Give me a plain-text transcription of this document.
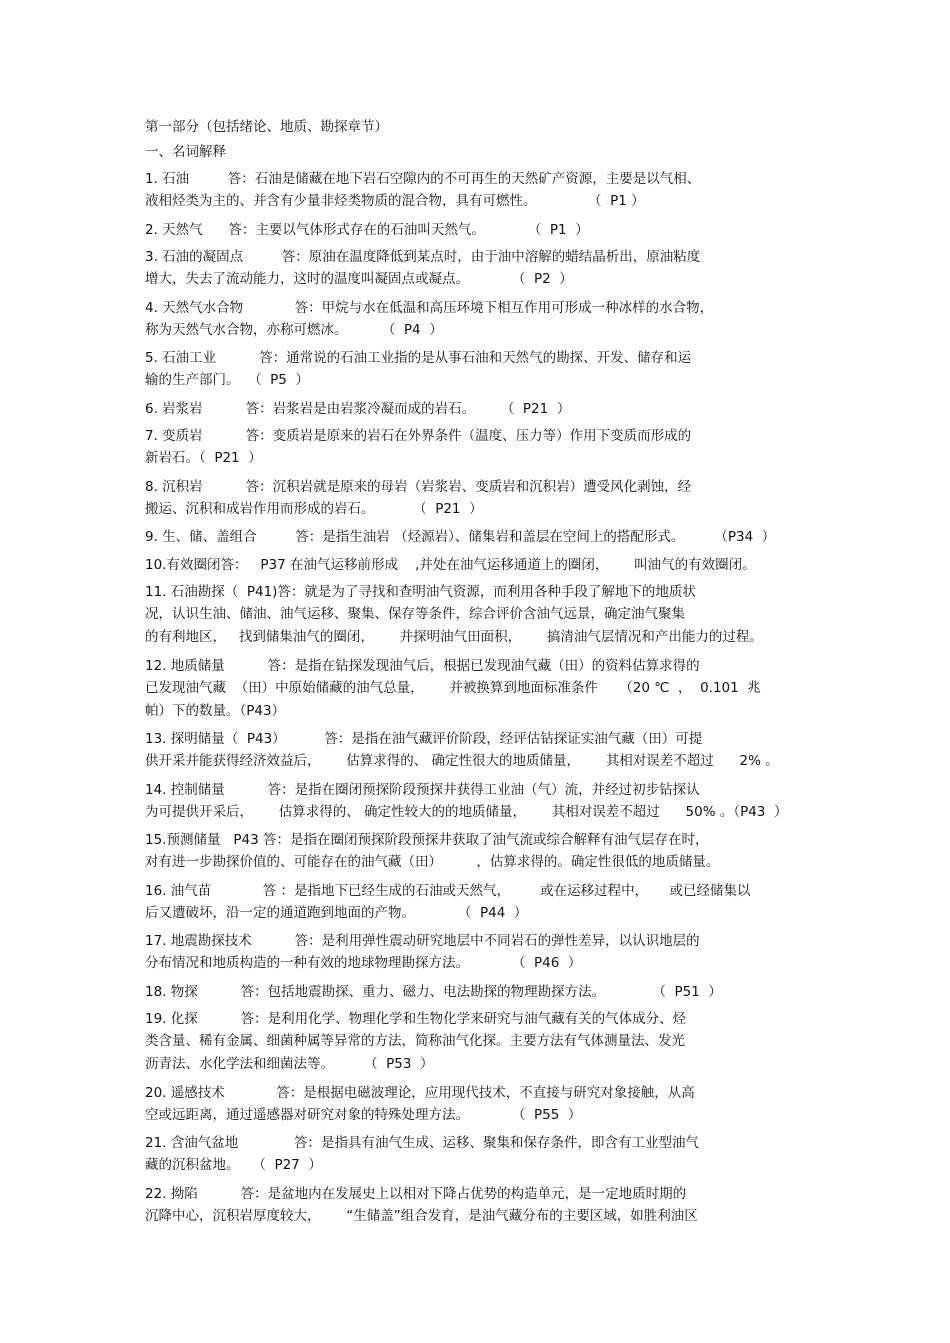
第一部分（包括绪论、地质、勘探章节）
一、名词解释
1. 石油         答：石油是储藏在地下岩石空隙内的不可再生的天然矿产资源，主要是以气相、
液相烃类为主的、并含有少量非烃类物质的混合物，具有可燃性。            （  P1 ）
2. 天然气      答：主要以气体形式存在的石油叫天然气。          （  P1  ）
3. 石油的凝固点         答：原油在温度降低到某点时，由于油中溶解的蜡结晶析出，原油粘度
增大，失去了流动能力，这时的温度叫凝固点或凝点。          （  P2  ）
4. 天然气水合物            答：甲烷与水在低温和高压环境下相互作用可形成一种冰样的水合物，
称为天然气水合物，亦称可燃冰。        （  P4  ）
5. 石油工业          答：通常说的石油工业指的是从事石油和天然气的勘探、开发、储存和运
输的生产部门。  （  P5  ）
6. 岩浆岩          答：岩浆岩是由岩浆冷凝而成的岩石。      （  P21  ）
7. 变质岩          答：变质岩是原来的岩石在外界条件（温度、压力等）作用下变质而形成的
新岩石。（  P21  ）
8. 沉积岩          答：沉积岩就是原来的母岩（岩浆岩、变质岩和沉积岩）遭受风化剥蚀，经
搬运、沉积和成岩作用而形成的岩石。         （  P21  ）
9. 生、储、盖组合         答：是指生油岩 （烃源岩）、储集岩和盖层在空间上的搭配形式。       （P34  ）
10.有效圈闭答：   P37 在油气运移前形成    ,并处在油气运移通道上的圈闭，      叫油气的有效圈闭。
11. 石油勘探（  P41)答：就是为了寻找和查明油气资源，而利用各种手段了解地下的地质状
况，认识生油、储油、油气运移、聚集、保存等条件，综合评价含油气远景，确定油气聚集
的有利地区，   找到储集油气的圈闭，      并探明油气田面积，      搞清油气层情况和产出能力的过程。
12. 地质储量          答：是指在钻探发现油气后，根据已发现油气藏（田）的资料估算求得的
已发现油气藏  （田）中原始储藏的油气总量，      并被换算到地面标准条件     （20 ℃  ，  0.101  兆
帕）下的数量。（P43）
13. 探明储量（  P43）         答：是指在油气藏评价阶段，经评估钻探证实油气藏（田）可提
供开采并能获得经济效益后，      估算求得的、 确定性很大的地质储量，      其相对误差不超过      2% 。
14. 控制储量          答：是指在圈闭预探阶段预探井获得工业油（气）流，并经过初步钻探认
为可提供开采后，      估算求得的、 确定性较大的的地质储量，      其相对误差不超过      50% 。（P43  ）
15.预测储量   P43 答：是指在圈闭预探阶段预探井获取了油气流或综合解释有油气层存在时，
对有进一步勘探价值的、可能存在的油气藏（田）        ，估算求得的。确定性很低的地质储量。
16. 油气苗            答 ：是指地下已经生成的石油或天然气，       或在运移过程中，     或已经储集以
后又遭破坏，沿一定的通道跑到地面的产物。          （  P44  ）
17. 地震勘探技术          答：是利用弹性震动研究地层中不同岩石的弹性差异，以认识地层的
分布情况和地质构造的一种有效的地球物理勘探方法。          （  P46  ）
18. 物探          答：包括地震勘探、重力、磁力、电法勘探的物理勘探方法。           （  P51  ）
19. 化探          答：是利用化学、物理化学和生物化学来研究与油气藏有关的气体成分、烃
类含量、稀有金属、细菌种属等异常的方法，简称油气化探。主要方法有气体测量法、发光
沥青法、水化学法和细菌法等。       （  P53  ）
20. 遥感技术            答：是根据电磁波理论，应用现代技术，不直接与研究对象接触，从高
空或远距离，通过遥感器对研究对象的特殊处理方法。          （  P55  ）
21. 含油气盆地             答：是指具有油气生成、运移、聚集和保存条件，即含有工业型油气
藏的沉积盆地。   （  P27  ）
22. 拗陷          答：是盆地内在发展史上以相对下降占优势的构造单元，是一定地质时期的
沉降中心，沉积岩厚度较大，      “生储盖”组合发育，是油气藏分布的主要区域，如胜利油区
